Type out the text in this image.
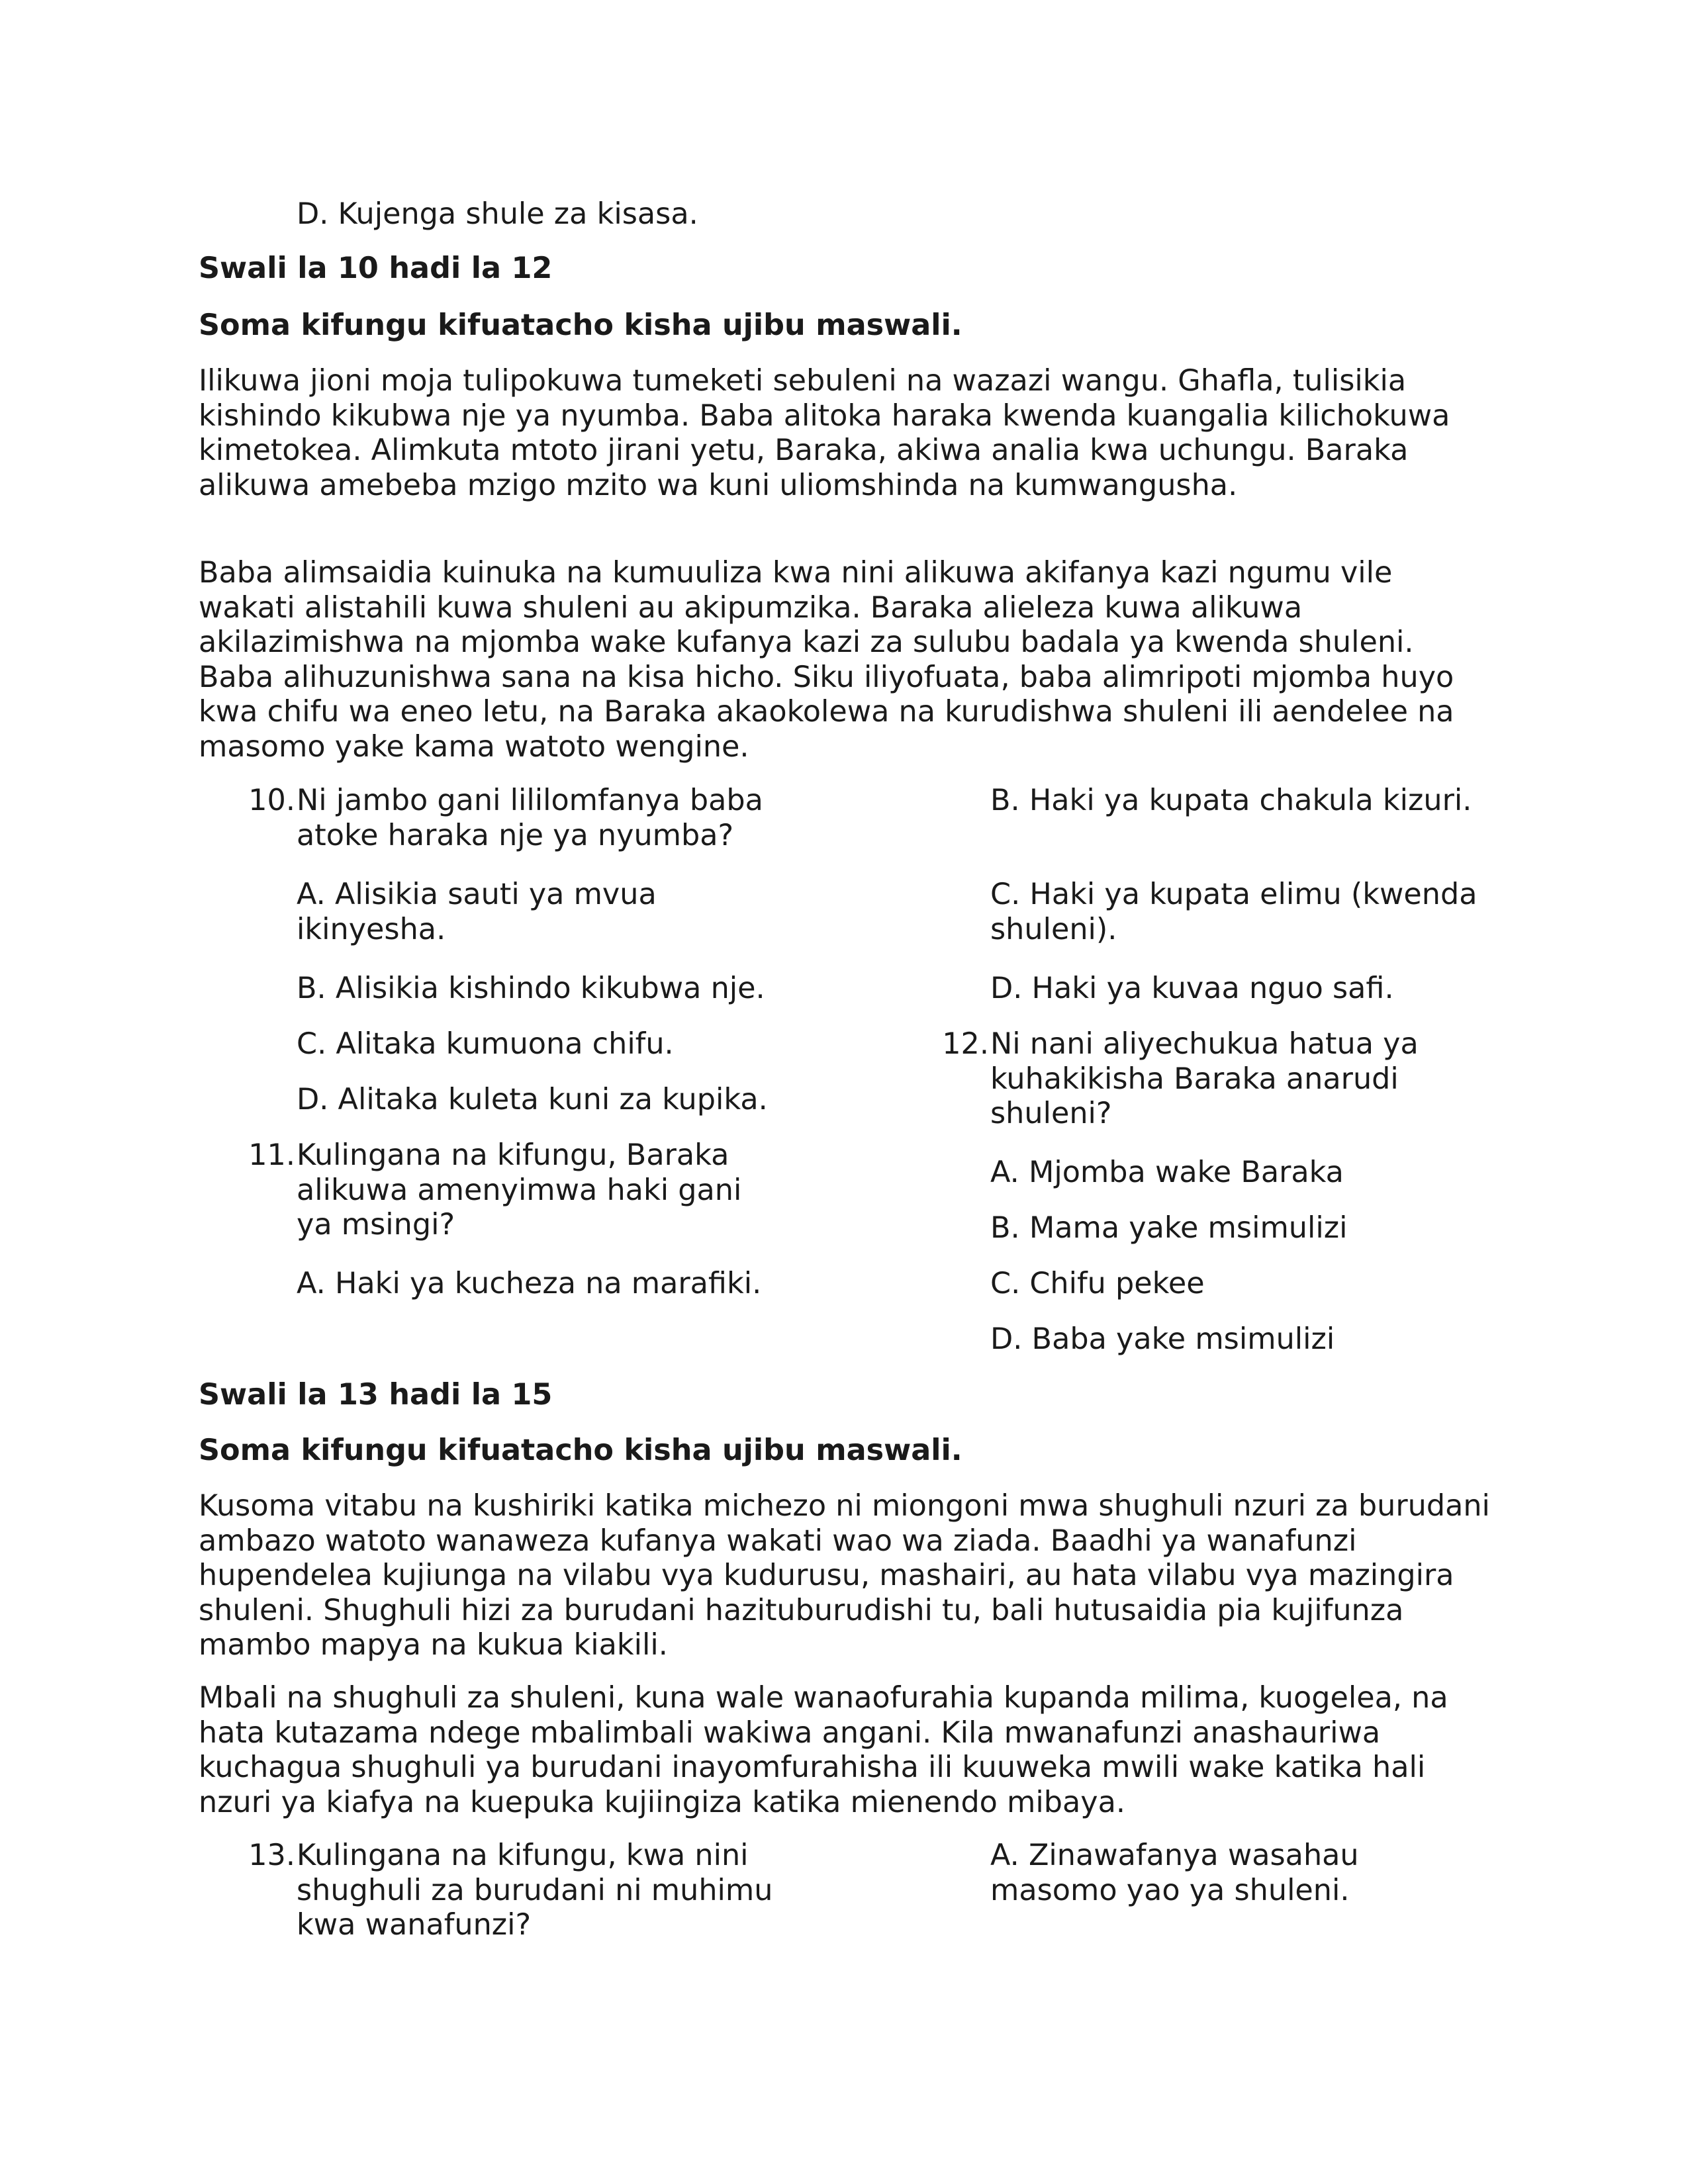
D. Kujenga shule za kisasa.

Swali la 10 hadi la 12

Soma kifungu kifuatacho kisha ujibu maswali.

Ilikuwa jioni moja tulipokuwa tumeketi sebuleni na wazazi wangu. Ghafla, tulisikia kishindo kikubwa nje ya nyumba. Baba alitoka haraka kwenda kuangalia kilichokuwa kimetokea. Alimkuta mtoto jirani yetu, Baraka, akiwa analia kwa uchungu. Baraka alikuwa amebeba mzigo mzito wa kuni uliomshinda na kumwangusha.

Baba alimsaidia kuinuka na kumuuliza kwa nini alikuwa akifanya kazi ngumu vile wakati alistahili kuwa shuleni au akipumzika. Baraka alieleza kuwa alikuwa akilazimishwa na mjomba wake kufanya kazi za sulubu badala ya kwenda shuleni. Baba alihuzunishwa sana na kisa hicho. Siku iliyofuata, baba alimripoti mjomba huyo kwa chifu wa eneo letu, na Baraka akaokolewa na kurudishwa shuleni ili aendelee na masomo yake kama watoto wengine.

10. Ni jambo gani lililomfanya baba atoke haraka nje ya nyumba?
A. Alisikia sauti ya mvua ikinyesha.
B. Alisikia kishindo kikubwa nje.
C. Alitaka kumuona chifu.
D. Alitaka kuleta kuni za kupika.
11. Kulingana na kifungu, Baraka alikuwa amenyimwa haki gani ya msingi?
A. Haki ya kucheza na marafiki.
B. Haki ya kupata chakula kizuri.
C. Haki ya kupata elimu (kwenda shuleni).
D. Haki ya kuvaa nguo safi.
12. Ni nani aliyechukua hatua ya kuhakikisha Baraka anarudi shuleni?
A. Mjomba wake Baraka
B. Mama yake msimulizi
C. Chifu pekee
D. Baba yake msimulizi

Swali la 13 hadi la 15

Soma kifungu kifuatacho kisha ujibu maswali.

Kusoma vitabu na kushiriki katika michezo ni miongoni mwa shughuli nzuri za burudani ambazo watoto wanaweza kufanya wakati wao wa ziada. Baadhi ya wanafunzi hupendelea kujiunga na vilabu vya kudurusu, mashairi, au hata vilabu vya mazingira shuleni. Shughuli hizi za burudani hazituburudishi tu, bali hutusaidia pia kujifunza mambo mapya na kukua kiakili.

Mbali na shughuli za shuleni, kuna wale wanaofurahia kupanda milima, kuogelea, na hata kutazama ndege mbalimbali wakiwa angani. Kila mwanafunzi anashauriwa kuchagua shughuli ya burudani inayomfurahisha ili kuuweka mwili wake katika hali nzuri ya kiafya na kuepuka kujiingiza katika mienendo mibaya.

13. Kulingana na kifungu, kwa nini shughuli za burudani ni muhimu kwa wanafunzi?
A. Zinawafanya wasahau masomo yao ya shuleni.
